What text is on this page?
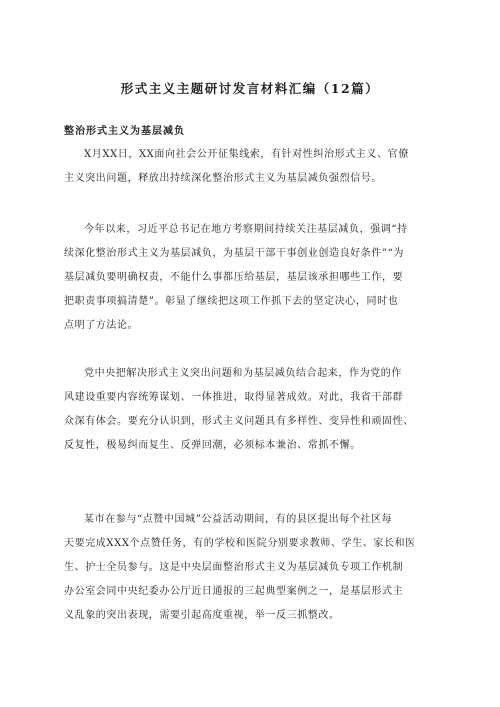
形式主义主题研讨发言材料汇编（12篇）
整治形式主义为基层减负

X月XX日，XX面向社会公开征集线索，有针对性纠治形式主义、官僚
主义突出问题，释放出持续深化整治形式主义为基层减负强烈信号。

今年以来，习近平总书记在地方考察期间持续关注基层减负，强调“持
续深化整治形式主义为基层减负，为基层干部干事创业创造良好条件”“为
基层减负要明确权责，不能什么事都压给基层，基层该承担哪些工作，要
把职责事项搞清楚”。彰显了继续把这项工作抓下去的坚定决心，同时也
点明了方法论。

党中央把解决形式主义突出问题和为基层减负结合起来，作为党的作
风建设重要内容统筹谋划、一体推进，取得显著成效。对此，我省干部群
众深有体会。要充分认识到，形式主义问题具有多样性、变异性和顽固性、
反复性，极易纠而复生、反弹回潮，必须标本兼治、常抓不懈。

某市在参与“点赞中国城”公益活动期间，有的县区提出每个社区每
天要完成XXX个点赞任务，有的学校和医院分别要求教师、学生、家长和医
生、护士全员参与。这是中央层面整治形式主义为基层减负专项工作机制
办公室会同中央纪委办公厅近日通报的三起典型案例之一，是基层形式主
义乱象的突出表现，需要引起高度重视，举一反三抓整改。
